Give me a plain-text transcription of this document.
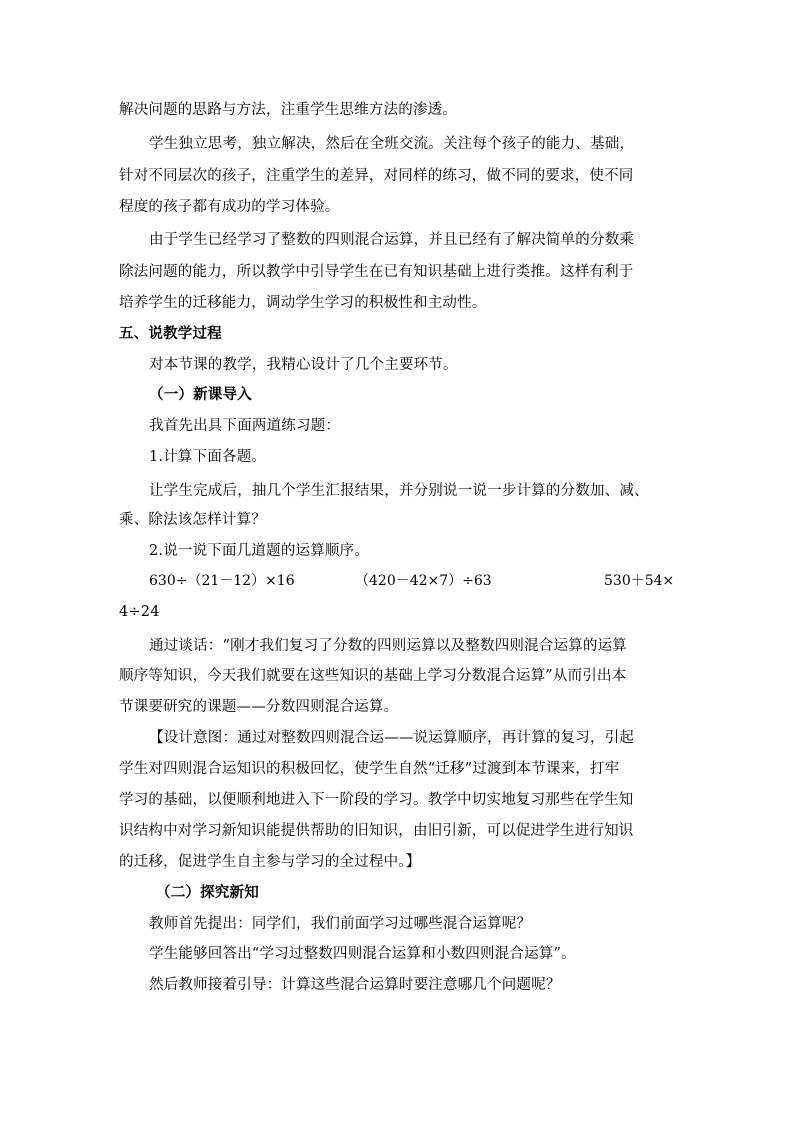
解决问题的思路与方法，注重学生思维方法的渗透。
学生独立思考，独立解决，然后在全班交流。关注每个孩子的能力、基础，
针对不同层次的孩子，注重学生的差异，对同样的练习，做不同的要求，使不同
程度的孩子都有成功的学习体验。
由于学生已经学习了整数的四则混合运算，并且已经有了解决简单的分数乘
除法问题的能力，所以教学中引导学生在已有知识基础上进行类推。这样有利于
培养学生的迁移能力，调动学生学习的积极性和主动性。
五、说教学过程
对本节课的教学，我精心设计了几个主要环节。
（一）新课导入
我首先出具下面两道练习题：
1.计算下面各题。
让学生完成后，抽几个学生汇报结果，并分别说一说一步计算的分数加、减、
乘、除法该怎样计算？
2.说一说下面几道题的运算顺序。
630÷（21－12）×16	（420－42×7）÷63	530＋54×
4÷24
通过谈话：“刚才我们复习了分数的四则运算以及整数四则混合运算的运算
顺序等知识，今天我们就要在这些知识的基础上学习分数混合运算”从而引出本
节课要研究的课题——分数四则混合运算。
【设计意图：通过对整数四则混合运——说运算顺序，再计算的复习，引起
学生对四则混合运知识的积极回忆，使学生自然“迁移”过渡到本节课来，打牢
学习的基础，以便顺利地进入下一阶段的学习。教学中切实地复习那些在学生知
识结构中对学习新知识能提供帮助的旧知识，由旧引新，可以促进学生进行知识
的迁移，促进学生自主参与学习的全过程中。】
（二）探究新知
教师首先提出：同学们，我们前面学习过哪些混合运算呢？
学生能够回答出“学习过整数四则混合运算和小数四则混合运算”。
然后教师接着引导：计算这些混合运算时要注意哪几个问题呢？
